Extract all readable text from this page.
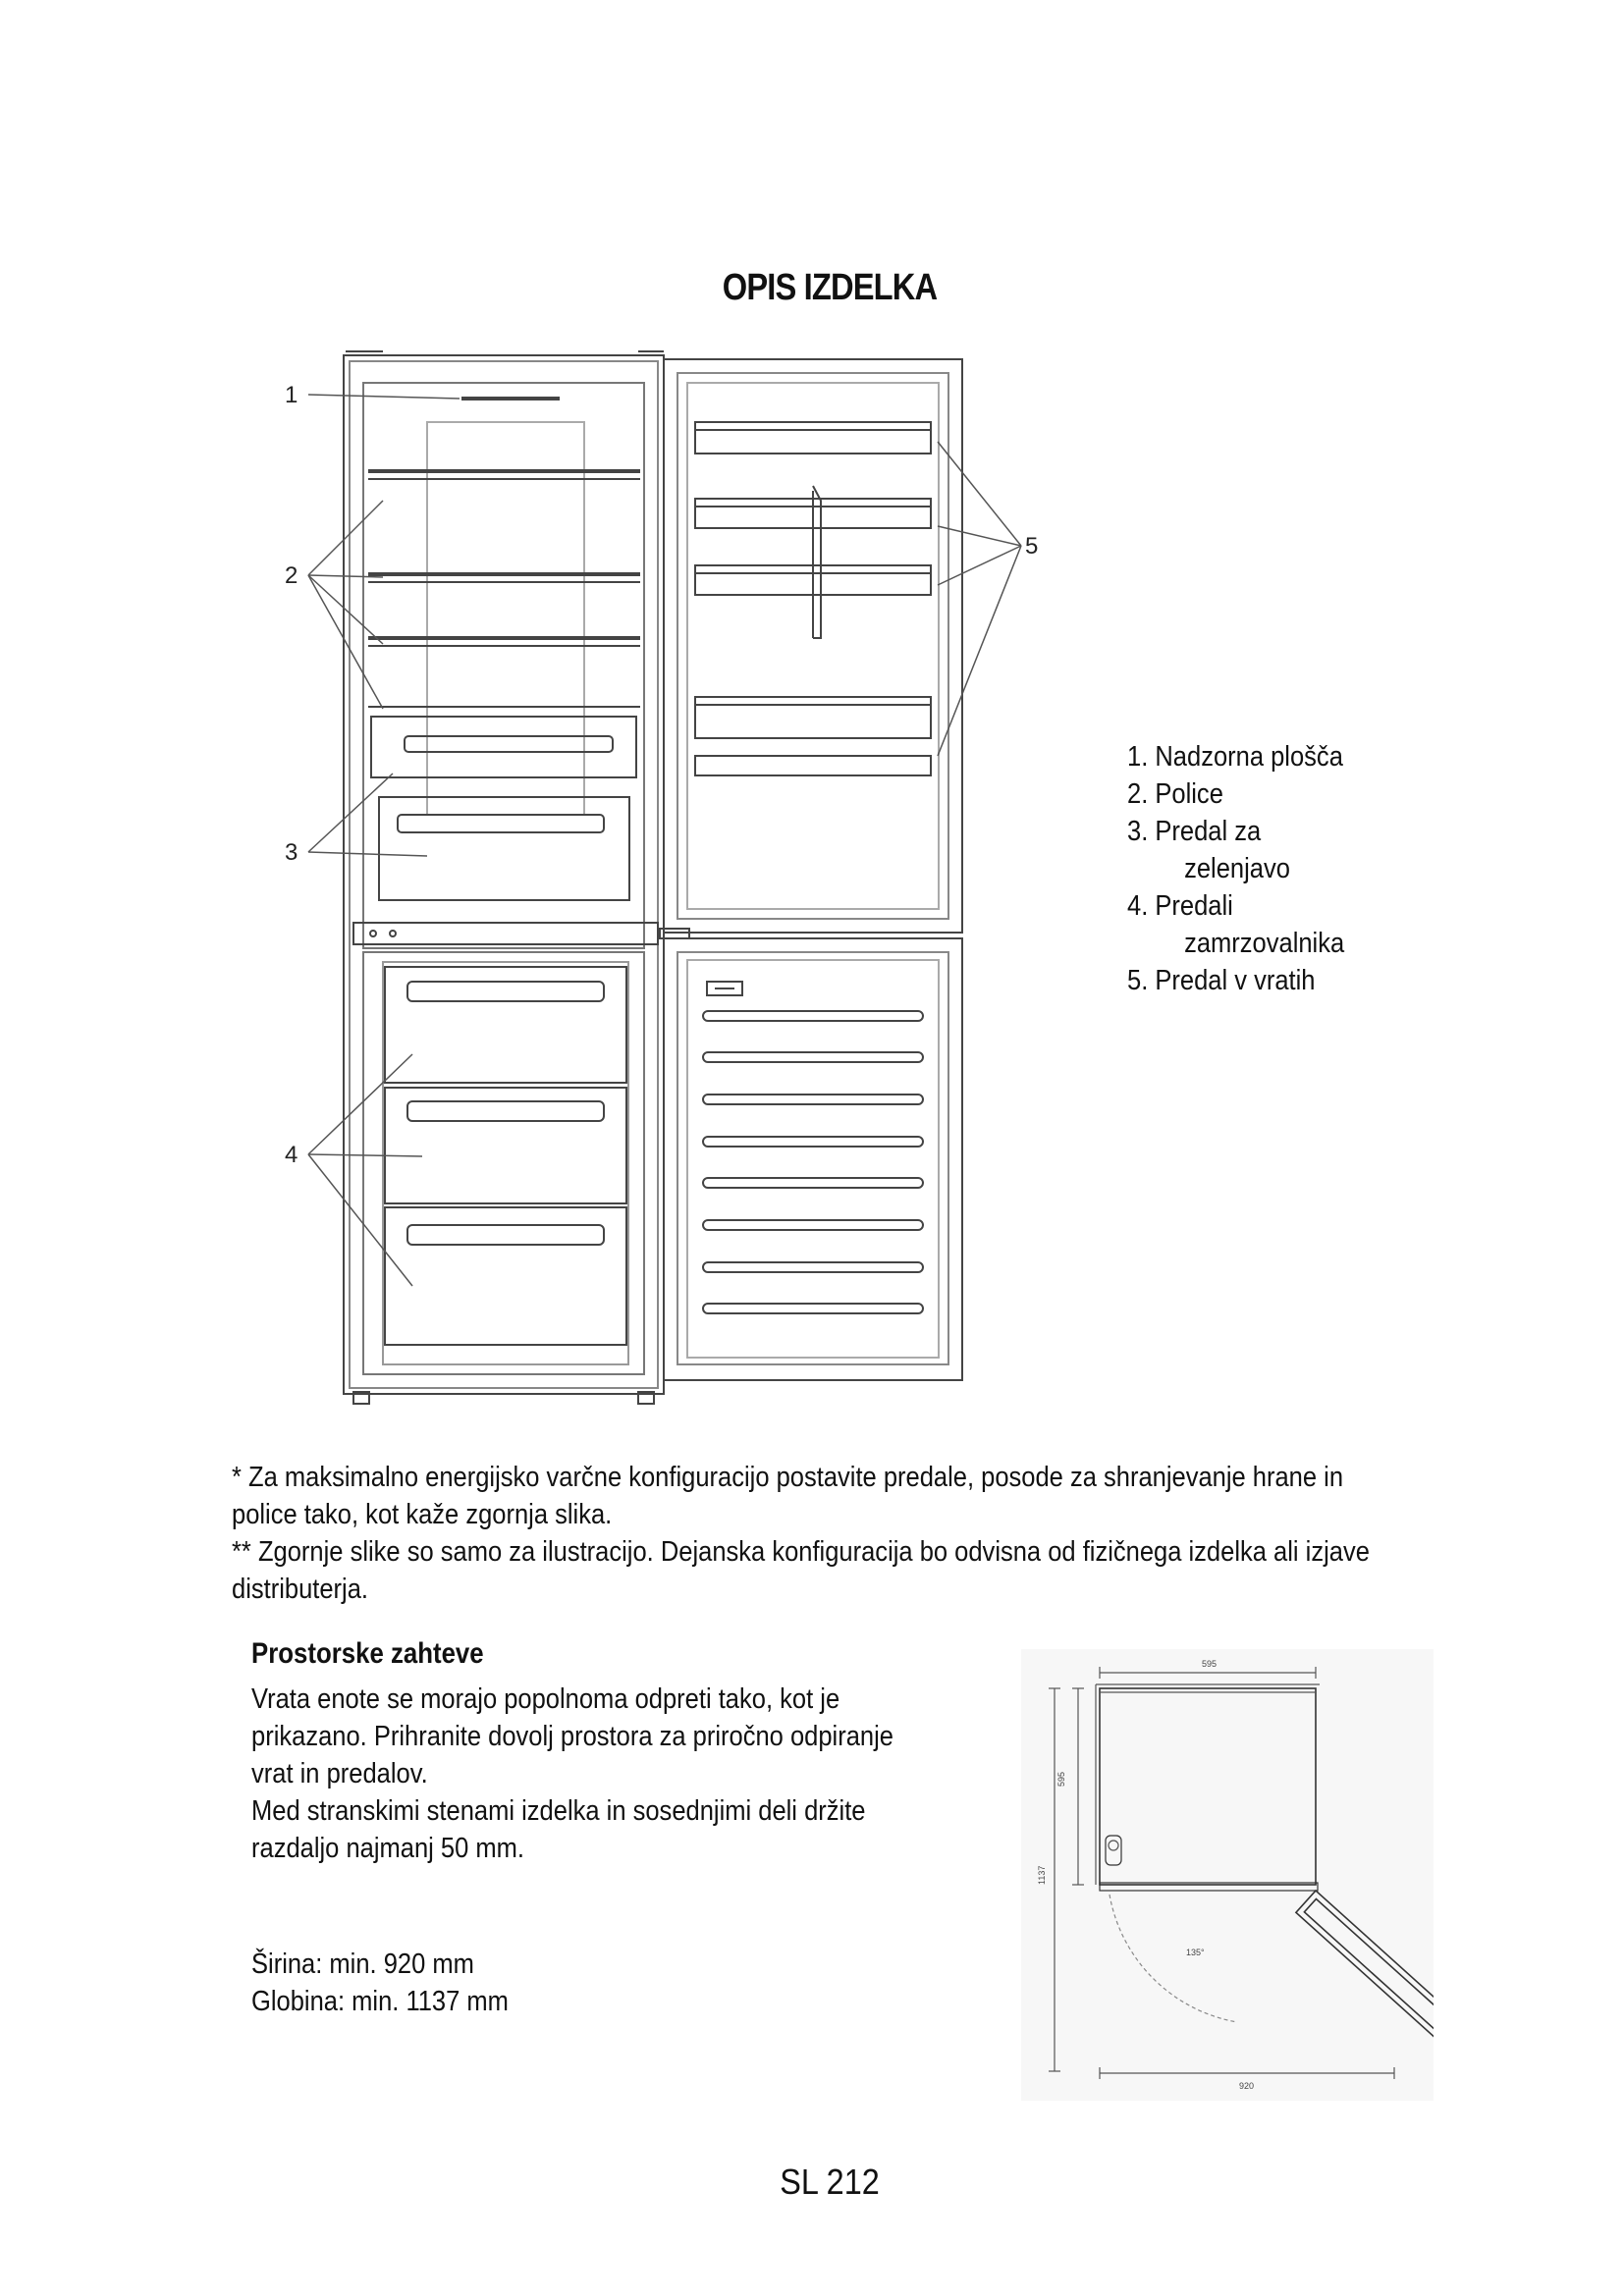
OPIS IZDELKA
1
2
3
4
5
1. Nadzorna plošča
2. Police
3. Predal za
zelenjavo
4. Predali
zamrzovalnika
5. Predal v vratih

* Za maksimalno energijsko varčne konfiguracijo postavite predale, posode za shranjevanje hrane in police tako, kot kaže zgornja slika.

** Zgornje slike so samo za ilustracijo. Dejanska konfiguracija bo odvisna od fizičnega izdelka ali izjave distributerja.

Prostorske zahteve
Vrata enote se morajo popolnoma odpreti tako, kot je prikazano. Prihranite dovolj prostora za priročno odpiranje vrat in predalov.
Med stranskimi stenami izdelka in sosednjimi deli držite razdaljo najmanj 50 mm.
Širina: min. 920 mm
Globina: min. 1137 mm
595
595
1137
920
135°
SL 212
